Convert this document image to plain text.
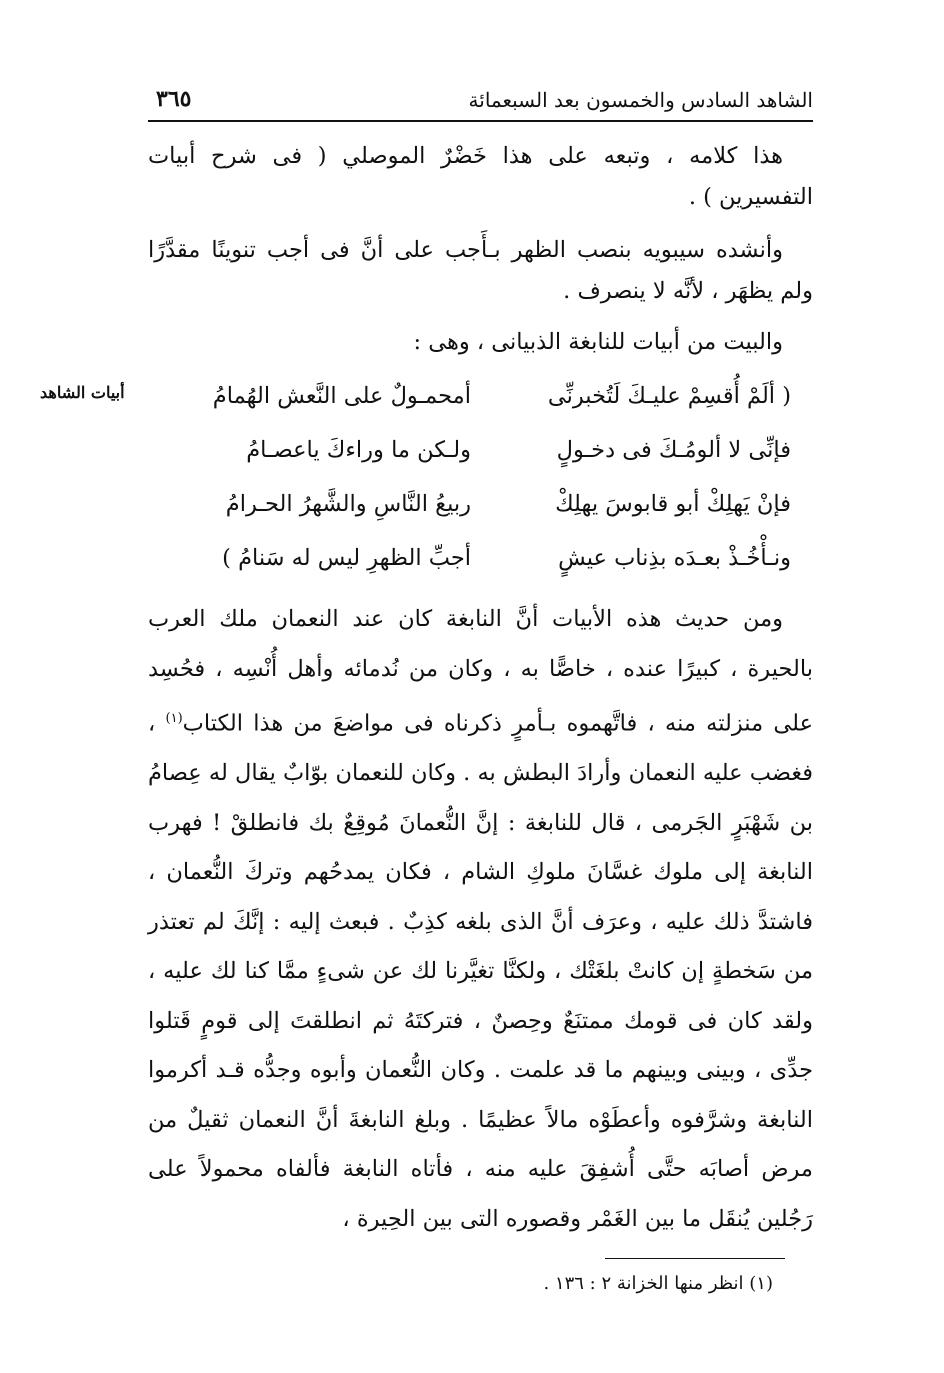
الشاهد السادس والخمسون بعد السبعمائة
٣٦٥

هذا كلامه ، وتبعه على هذا خَضْرٌ الموصلي ( فى شرح أبيات التفسيرين ) .

وأنشده سيبويه بنصب الظهر بـأَجب على أنَّ فى أجب تنوينًا مقدَّرًا ولم يظهَر ، لأنَّه لا ينصرف .

والبيت من أبيات للنابغة الذبيانى ، وهى :

أبيات الشاهد	( ألَمْ أُقسِمْ عليـكَ لَتُخبرنِّى
أمحمـولٌ على النَّعش الهُمامُ
فإنِّى لا ألومُـكَ فى دخـولٍ
ولـكن ما وراءكَ ياعصـامُ
فإنْ يَهلِكْ أبو قابوسَ يهلِكْ
ربيعُ النَّاسِ والشَّهرُ الحـرامُ
ونـأْخُـذْ بعـدَه بذِناب عيشٍ
أجبِّ الظهرِ ليس له سَنامُ )

ومن حديث هذه الأبيات أنَّ النابغة كان عند النعمان ملك العرب بالحيرة ، كبيرًا عنده ، خاصًّا به ، وكان من نُدمائه وأهل أُنْسِه ، فحُسِد على منزلته منه ، فاتَّهموه بـأمرٍ ذكرناه فى مواضعَ من هذا الكتاب$^{(١)}$ ، فغضب عليه النعمان وأرادَ البطش به . وكان للنعمان بوّابٌ يقال له عِصامُ بن شَهْبَرٍ الجَرمى ، قال للنابغة : إنَّ النُّعمانَ مُوقِعٌ بك فانطلقْ ! فهرب النابغة إلى ملوك غسَّانَ ملوكِ الشام ، فكان يمدحُهم وتركَ النُّعمان ، فاشتدَّ ذلك عليه ، وعرَف أنَّ الذى بلغه كذِبٌ . فبعث إليه : إنَّكَ لم تعتذر من سَخطةٍ إن كانتْ بلغَتْك ، ولكنَّا تغيَّرنا لك عن شىءٍ ممَّا كنا لك عليه ، ولقد كان فى قومك ممتنَعٌ وحِصنٌ ، فتركتَهُ ثم انطلقتَ إلى قومٍ قَتلوا جدِّى ، وبينى وبينهم ما قد علمت . وكان النُّعمان وأبوه وجدُّه قـد أكرموا النابغة وشرَّفوه وأعطَوْه مالاً عظيمًا . وبلغ النابغةَ أنَّ النعمان ثقيلٌ من مرض أصابَه حتَّى أُشفِقَ عليه منه ، فأتاه النابغة فألفاه محمولاً على رَجُلين يُنقَل ما بين الغَمْر وقصوره التى بين الحِيرة ،

(١) انظر منها الخزانة ٢ : ١٣٦ .
